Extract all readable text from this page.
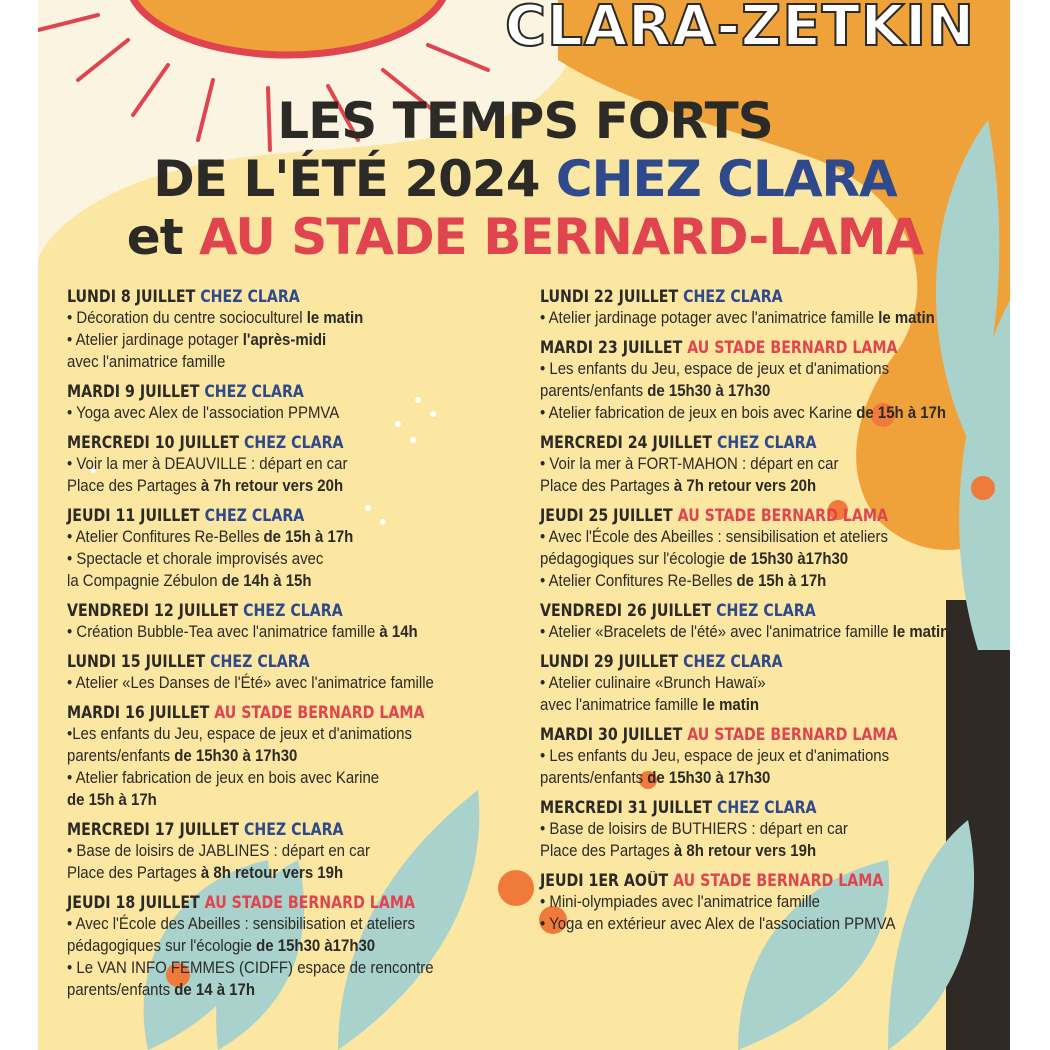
CLARA-ZETKIN
LES TEMPS FORTS
DE L'ÉTÉ 2024 CHEZ CLARA
et AU STADE BERNARD-LAMA
LUNDI 8 JUILLET CHEZ CLARA
• Décoration du centre socioculturel le matin
• Atelier jardinage potager l'après-midi
avec l'animatrice famille
MARDI 9 JUILLET CHEZ CLARA
• Yoga avec Alex de l'association PPMVA
MERCREDI 10 JUILLET CHEZ CLARA
• Voir la mer à DEAUVILLE : départ en car
Place des Partages à 7h retour vers 20h
JEUDI 11 JUILLET CHEZ CLARA
• Atelier Confitures Re-Belles de 15h à 17h
• Spectacle et chorale improvisés avec
la Compagnie Zébulon de 14h à 15h
VENDREDI 12 JUILLET CHEZ CLARA
• Création Bubble-Tea avec l'animatrice famille à 14h
LUNDI 15 JUILLET CHEZ CLARA
• Atelier «Les Danses de l'Été» avec l'animatrice famille
MARDI 16 JUILLET AU STADE BERNARD LAMA
•Les enfants du Jeu, espace de jeux et d'animations
parents/enfants de 15h30 à 17h30
• Atelier fabrication de jeux en bois avec Karine
de 15h à 17h
MERCREDI 17 JUILLET CHEZ CLARA
• Base de loisirs de JABLINES : départ en car
Place des Partages à 8h retour vers 19h
JEUDI 18 JUILLET AU STADE BERNARD LAMA
• Avec l'École des Abeilles : sensibilisation et ateliers
pédagogiques sur l'écologie de 15h30 à17h30
• Le VAN INFO FEMMES (CIDFF) espace de rencontre
parents/enfants de 14 à 17h
LUNDI 22 JUILLET CHEZ CLARA
• Atelier jardinage potager avec l'animatrice famille le matin
MARDI 23 JUILLET AU STADE BERNARD LAMA
• Les enfants du Jeu, espace de jeux et d'animations
parents/enfants de 15h30 à 17h30
• Atelier fabrication de jeux en bois avec Karine de 15h à 17h
MERCREDI 24 JUILLET CHEZ CLARA
• Voir la mer à FORT-MAHON : départ en car
Place des Partages à 7h retour vers 20h
JEUDI 25 JUILLET AU STADE BERNARD LAMA
• Avec l'École des Abeilles : sensibilisation et ateliers
pédagogiques sur l'écologie de 15h30 à17h30
• Atelier Confitures Re-Belles de 15h à 17h
VENDREDI 26 JUILLET CHEZ CLARA
• Atelier «Bracelets de l'été» avec l'animatrice famille le matin
LUNDI 29 JUILLET CHEZ CLARA
• Atelier culinaire «Brunch Hawaï»
avec l'animatrice famille le matin
MARDI 30 JUILLET AU STADE BERNARD LAMA
• Les enfants du Jeu, espace de jeux et d'animations
parents/enfants de 15h30 à 17h30
MERCREDI 31 JUILLET CHEZ CLARA
• Base de loisirs de BUTHIERS : départ en car
Place des Partages à 8h retour vers 19h
JEUDI 1ER AOÛT AU STADE BERNARD LAMA
• Mini-olympiades avec l'animatrice famille
• Yoga en extérieur avec Alex de l'association PPMVA
